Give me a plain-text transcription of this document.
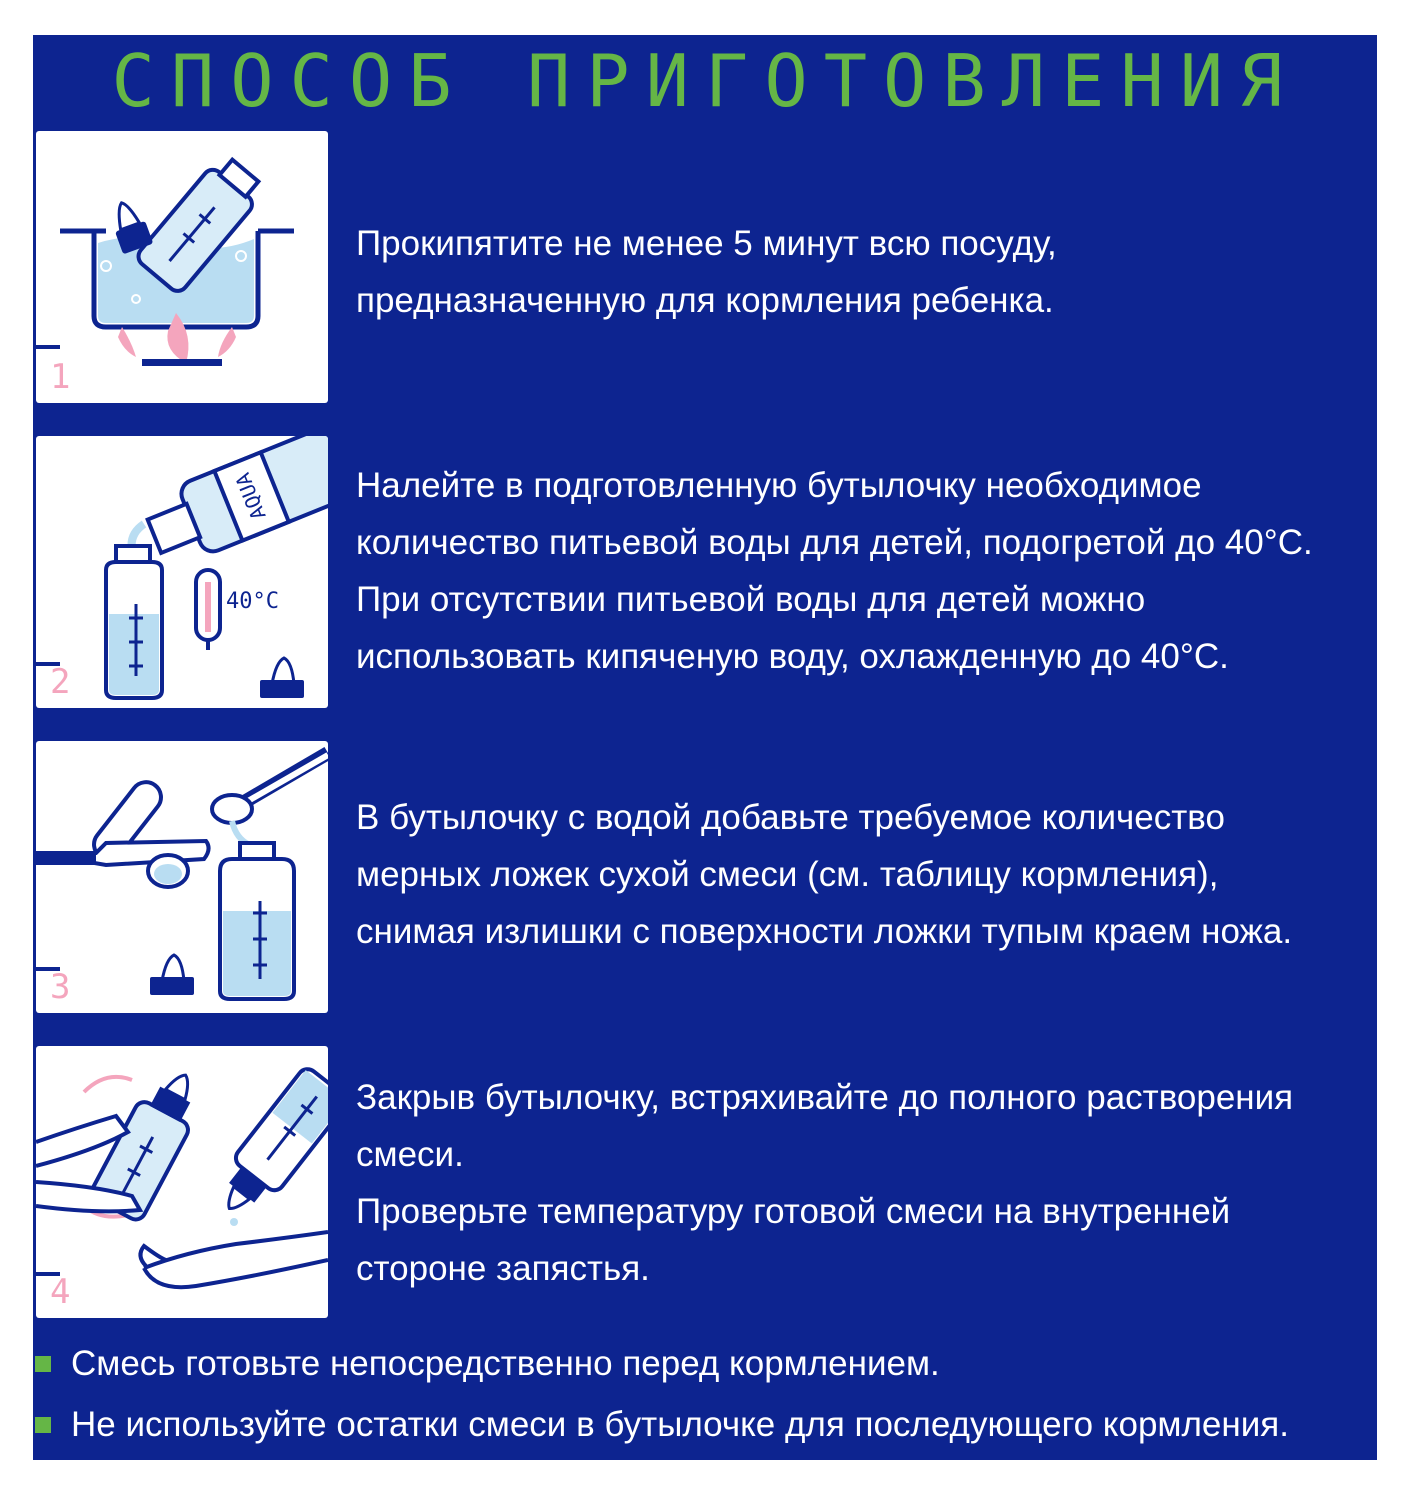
СПОСОБ ПРИГОТОВЛЕНИЯ
1
Прокипятите не менее 5 минут всю посуду,
предназначенную для кормления ребенка.
AQUA
40°C
2
Налейте в подготовленную бутылочку необходимое
количество питьевой воды для детей, подогретой до 40°С.
При отсутствии питьевой воды для детей можно
использовать кипяченую воду, охлажденную до 40°С.
3
В бутылочку с водой добавьте требуемое количество
мерных ложек сухой смеси (см. таблицу кормления),
снимая излишки с поверхности ложки тупым краем ножа.
4
Закрыв бутылочку, встряхивайте до полного растворения
смеси.
Проверьте температуру готовой смеси на внутренней
стороне запястья.
Смесь готовьте непосредственно перед кормлением.
Не используйте остатки смеси в бутылочке для последующего кормления.
